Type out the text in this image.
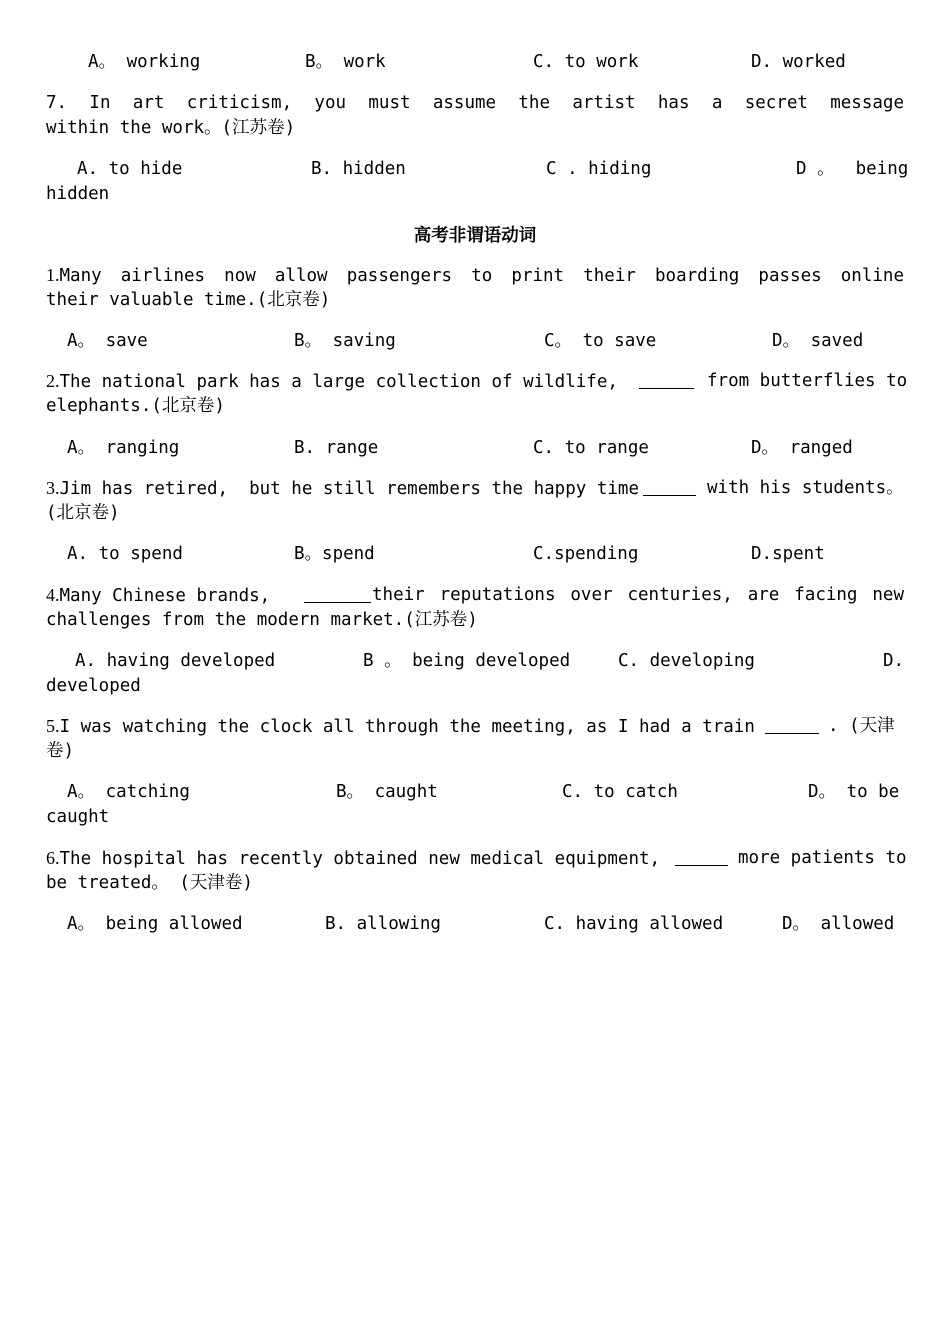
A。 working	B。 work	C. to work	D. worked
7. In art criticism, you must assume the artist has a secret message
within the work。(江苏卷)
A. to hide	B. hidden	C . hiding	D 。  being
hidden
高考非谓语动词
1.Many airlines now allow passengers to print their boarding passes online
their valuable time.(北京卷)
A。 save	B。 saving	C。 to save	D。 saved
2.The national park has a large collection of wildlife,	from butterflies to
elephants.(北京卷)
A。 ranging	B. range	C. to range	D。 ranged
3.Jim has retired,  but he still remembers the happy time	with his students。
(北京卷)
A. to spend	B。spend	C.spending	D.spent
4.Many Chinese brands,	their reputations over centuries, are facing new
challenges from the modern market.(江苏卷)
A. having developed	B 。 being developed	C. developing	D.
developed
5.I was watching the clock all through the meeting, as I had a train	. (天津
卷)
A。 catching	B。 caught	C. to catch	D。 to be
caught
6.The hospital has recently obtained new medical equipment,	more patients to
be treated。 (天津卷)
A。 being allowed	B. allowing	C. having allowed	D。 allowed
